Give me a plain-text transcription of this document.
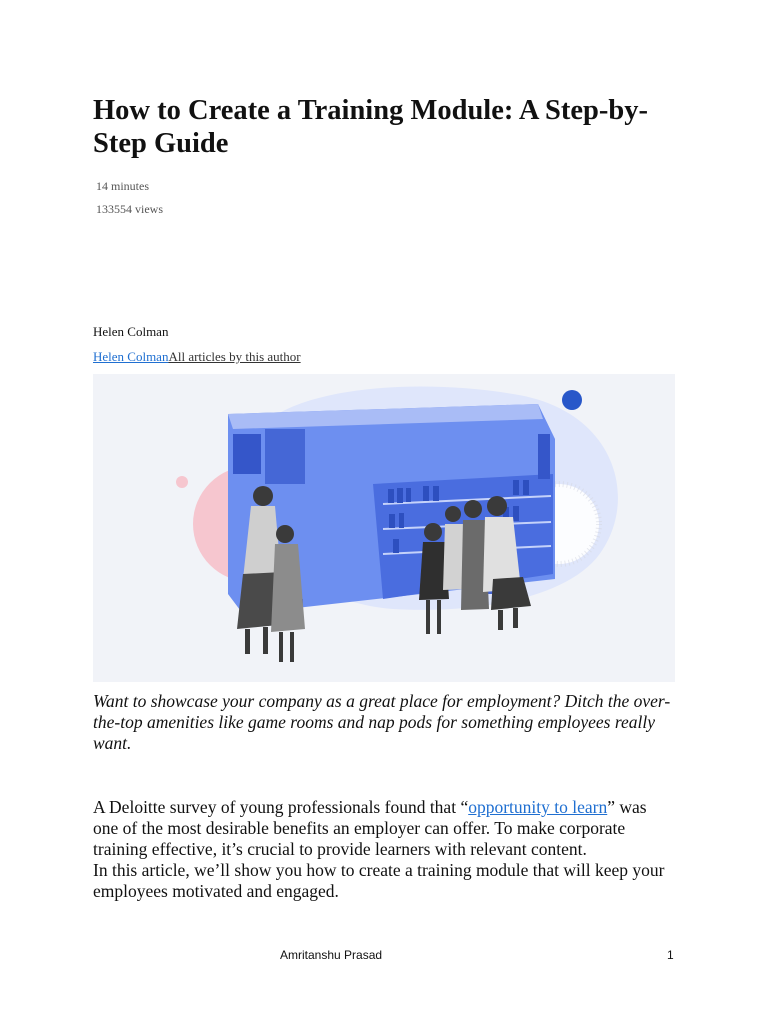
How to Create a Training Module: A Step-by-Step Guide
14 minutes
133554 views
Helen Colman
Helen ColmanAll articles by this author
Want to showcase your company as a great place for employment? Ditch the over-the-top amenities like game rooms and nap pods for something employees really want.

A Deloitte survey of young professionals found that “opportunity to learn” was one of the most desirable benefits an employer can offer. To make corporate training effective, it’s crucial to provide learners with relevant content.

In this article, we’ll show you how to create a training module that will keep your employees motivated and engaged.

Amritanshu Prasad	1
